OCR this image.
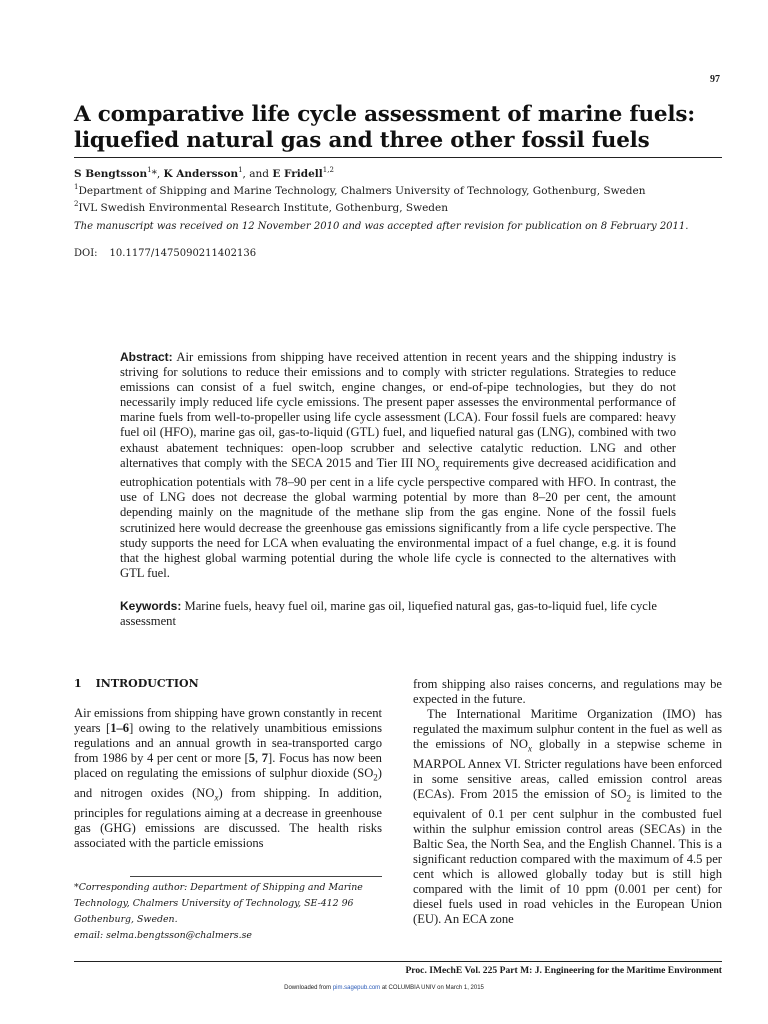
97
A comparative life cycle assessment of marine fuels:
liquefied natural gas and three other fossil fuels
S Bengtsson$^1$*, K Andersson$^1$, and E Fridell$^{1,2}$
$^1$Department of Shipping and Marine Technology, Chalmers University of Technology, Gothenburg, Sweden
$^2$IVL Swedish Environmental Research Institute, Gothenburg, Sweden
The manuscript was received on 12 November 2010 and was accepted after revision for publication on 8 February 2011.
DOI: 10.1177/1475090211402136
Abstract: Air emissions from shipping have received attention in recent years and the shipping industry is striving for solutions to reduce their emissions and to comply with stricter regulations. Strategies to reduce emissions can consist of a fuel switch, engine changes, or end-of-pipe technologies, but they do not necessarily imply reduced life cycle emissions. The present paper assesses the environmental performance of marine fuels from well-to-propeller using life cycle assessment (LCA). Four fossil fuels are compared: heavy fuel oil (HFO), marine gas oil, gas-to-liquid (GTL) fuel, and liquefied natural gas (LNG), combined with two exhaust abatement techniques: open-loop scrubber and selective catalytic reduction. LNG and other alternatives that comply with the SECA 2015 and Tier III $NO_x$ requirements give decreased acidification and eutrophication potentials with 78–90 per cent in a life cycle perspective compared with HFO. In contrast, the use of LNG does not decrease the global warming potential by more than 8–20 per cent, the amount depending mainly on the magnitude of the methane slip from the gas engine. None of the fossil fuels scrutinized here would decrease the greenhouse gas emissions significantly from a life cycle perspective. The study supports the need for LCA when evaluating the environmental impact of a fuel change, e.g. it is found that the highest global warming potential during the whole life cycle is connected to the alternatives with GTL fuel.
Keywords: Marine fuels, heavy fuel oil, marine gas oil, liquefied natural gas, gas-to-liquid fuel, life cycle assessment
1 INTRODUCTION

Air emissions from shipping have grown constantly in recent years [1–6] owing to the relatively unambitious emissions regulations and an annual growth in sea-transported cargo from 1986 by 4 per cent or more [5, 7]. Focus has now been placed on regulating the emissions of sulphur dioxide $(SO_2)$ and nitrogen oxides $(NO_x)$ from shipping. In addition, principles for regulations aiming at a decrease in greenhouse gas (GHG) emissions are discussed. The health risks associated with the particle emissions

from shipping also raises concerns, and regulations may be expected in the future.

The International Maritime Organization (IMO) has regulated the maximum sulphur content in the fuel as well as the emissions of $NO_x$ globally in a stepwise scheme in MARPOL Annex VI. Stricter regulations have been enforced in some sensitive areas, called emission control areas (ECAs). From 2015 the emission of $SO_2$ is limited to the equivalent of 0.1 per cent sulphur in the combusted fuel within the sulphur emission control areas (SECAs) in the Baltic Sea, the North Sea, and the English Channel. This is a significant reduction compared with the maximum of 4.5 per cent which is allowed globally today but is still high compared with the limit of 10 ppm (0.001 per cent) for diesel fuels used in road vehicles in the European Union (EU). An ECA zone

*Corresponding author: Department of Shipping and Marine
Technology, Chalmers University of Technology, SE-412 96
Gothenburg, Sweden.
email: selma.bengtsson@chalmers.se
Proc. IMechE Vol. 225 Part M: J. Engineering for the Maritime Environment
Downloaded from pim.sagepub.com at COLUMBIA UNIV on March 1, 2015
